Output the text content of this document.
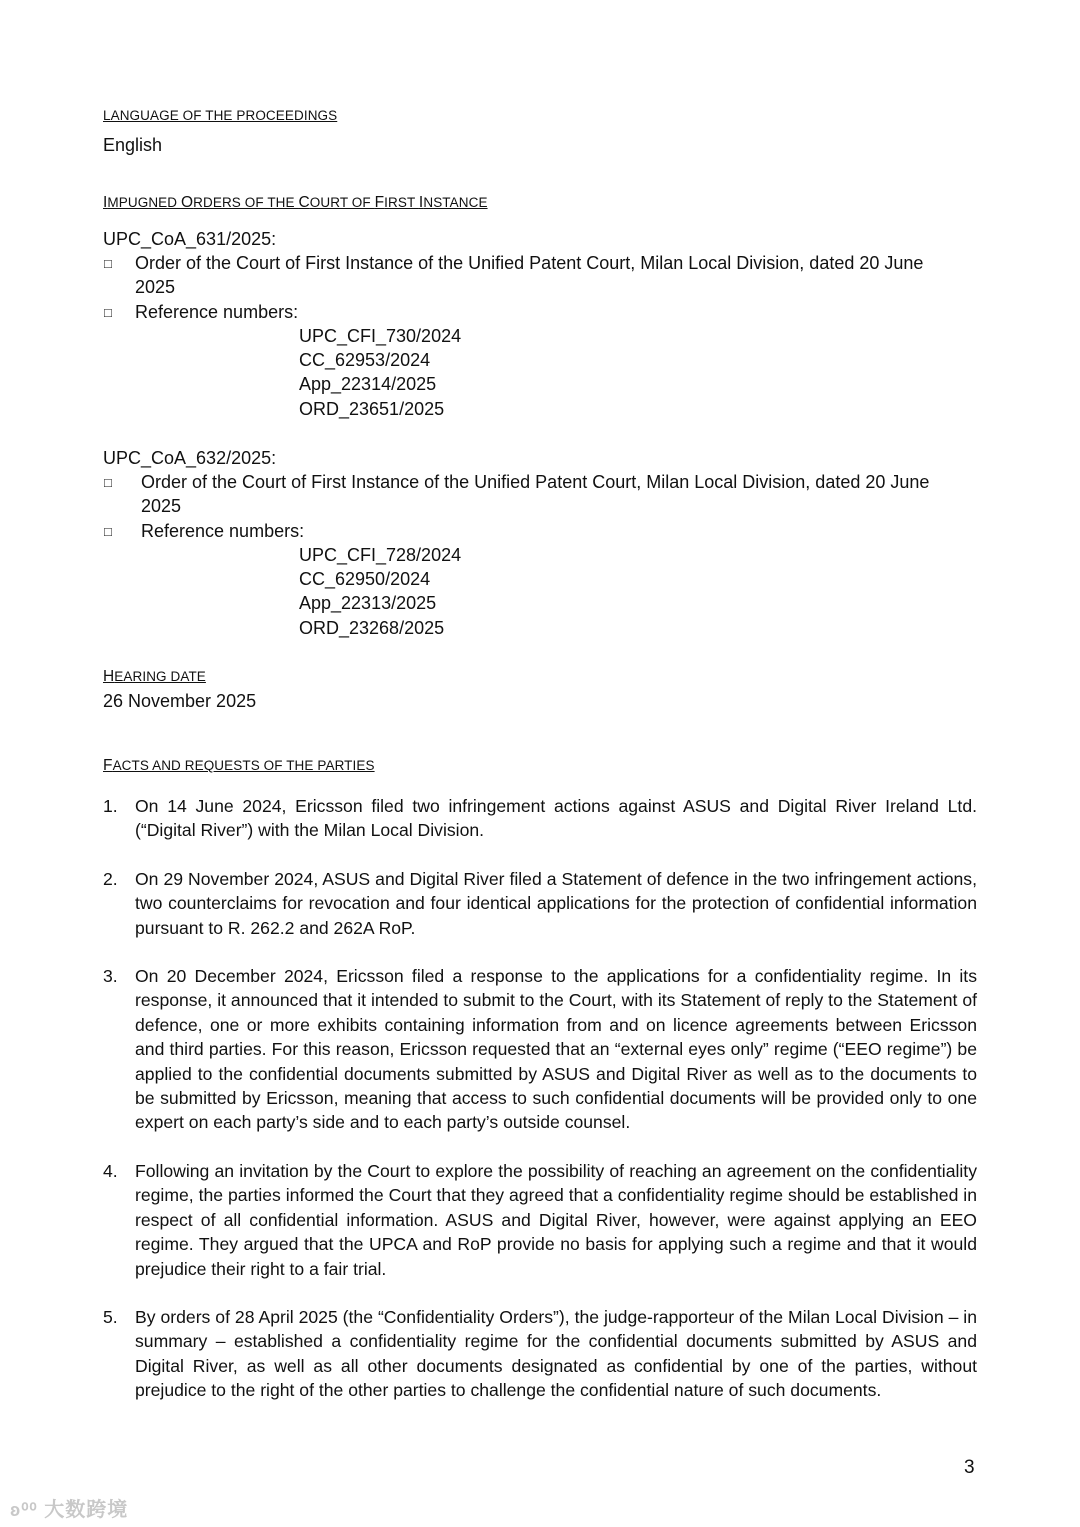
LANGUAGE OF THE PROCEEDINGS
English
IMPUGNED ORDERS OF THE COURT OF FIRST INSTANCE
UPC_CoA_631/2025:
□ Order of the Court of First Instance of the Unified Patent Court, Milan Local Division, dated 20 June
2025
□ Reference numbers:
UPC_CFI_730/2024
CC_62953/2024
App_22314/2025
ORD_23651/2025
UPC_CoA_632/2025:
□ Order of the Court of First Instance of the Unified Patent Court, Milan Local Division, dated 20 June
2025
□ Reference numbers:
UPC_CFI_728/2024
CC_62950/2024
App_22313/2025
ORD_23268/2025
HEARING DATE
26 November 2025
FACTS AND REQUESTS OF THE PARTIES
1. On 14 June 2024, Ericsson filed two infringement actions against ASUS and Digital River Ireland Ltd. (“Digital River”) with the Milan Local Division.
2. On 29 November 2024, ASUS and Digital River filed a Statement of defence in the two infringement actions, two counterclaims for revocation and four identical applications for the protection of confidential information pursuant to R. 262.2 and 262A RoP.
3. On 20 December 2024, Ericsson filed a response to the applications for a confidentiality regime. In its response, it announced that it intended to submit to the Court, with its Statement of reply to the Statement of defence, one or more exhibits containing information from and on licence agreements between Ericsson and third parties. For this reason, Ericsson requested that an “external eyes only” regime (“EEO regime”) be applied to the confidential documents submitted by ASUS and Digital River as well as to the documents to be submitted by Ericsson, meaning that access to such confidential documents will be provided only to one expert on each party’s side and to each party’s outside counsel.
4. Following an invitation by the Court to explore the possibility of reaching an agreement on the confidentiality regime, the parties informed the Court that they agreed that a confidentiality regime should be established in respect of all confidential information. ASUS and Digital River, however, were against applying an EEO regime. They argued that the UPCA and RoP provide no basis for applying such a regime and that it would prejudice their right to a fair trial.
5. By orders of 28 April 2025 (the “Confidentiality Orders”), the judge-rapporteur of the Milan Local Division – in summary – established a confidentiality regime for the confidential documents submitted by ASUS and Digital River, as well as all other documents designated as confidential by one of the parties, without prejudice to the right of the other parties to challenge the confidential nature of such documents.
3
ʚ⁰⁰ 大数跨境
